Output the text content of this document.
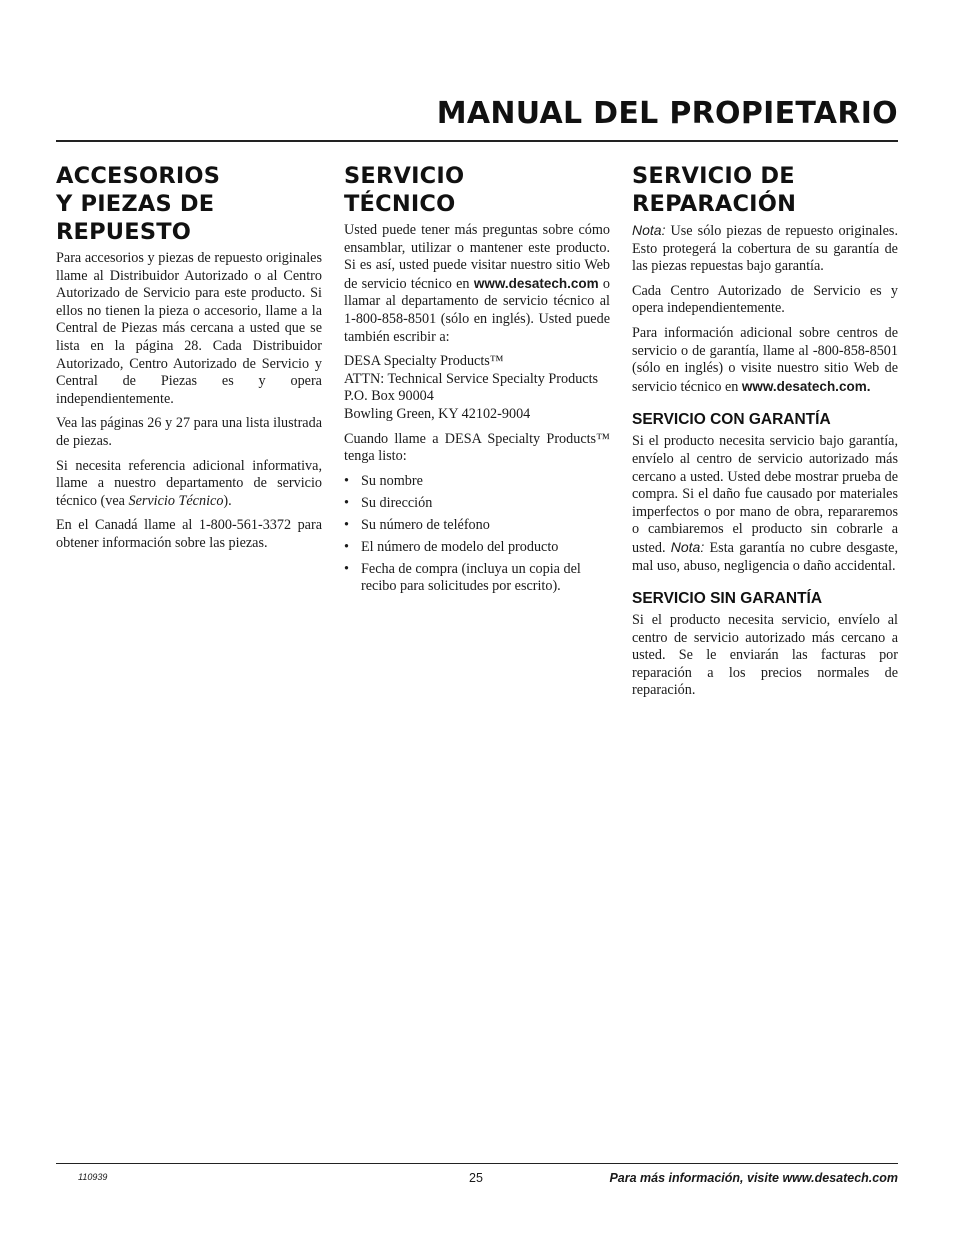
MANUAL DEL PROPIETARIO
ACCESORIOS
Y PIEZAS DE
REPUESTO

Para accesorios y piezas de repuesto originales llame al Distribuidor Autorizado o al Centro Autorizado de Servicio para este producto. Si ellos no tienen la pieza o accesorio, llame a la Central de Piezas más cercana a usted que se lista en la página 28. Cada Distribuidor Autorizado, Centro Autorizado de Servicio y Central de Piezas es y opera independientemente.

Vea las páginas 26 y 27 para una lista ilustrada de piezas.

Si necesita referencia adicional informativa, llame a nuestro departamento de servicio técnico (vea Servicio Técnico).

En el Canadá llame al 1-800-561-3372 para obtener información sobre las piezas.

SERVICIO
TÉCNICO

Usted puede tener más preguntas sobre cómo ensamblar, utilizar o mantener este producto. Si es así, usted puede visitar nuestro sitio Web de servicio técnico en www.desatech.com o llamar al departamento de servicio técnico al 1-800-858-8501 (sólo en inglés). Usted puede también escribir a:

DESA Specialty Products™
ATTN: Technical Service Specialty Products
P.O. Box 90004
Bowling Green, KY 42102-9004

Cuando llame a DESA Specialty Products™ tenga listo:

• Su nombre
• Su dirección
• Su número de teléfono
• El número de modelo del producto
• Fecha de compra (incluya un copia del recibo para solicitudes por escrito).
SERVICIO DE
REPARACIÓN

Nota: Use sólo piezas de repuesto originales. Esto protegerá la cobertura de su garantía de las piezas repuestas bajo garantía.

Cada Centro Autorizado de Servicio es y opera independientemente.

Para información adicional sobre centros de servicio o de garantía, llame al -800-858-8501 (sólo en inglés) o visite nuestro sitio Web de servicio técnico en www.desatech.com.

SERVICIO CON GARANTÍA

Si el producto necesita servicio bajo garantía, envíelo al centro de servicio autorizado más cercano a usted. Usted debe mostrar prueba de compra. Si el daño fue causado por materiales imperfectos o por mano de obra, repararemos o cambiaremos el producto sin cobrarle a usted. Nota: Esta garantía no cubre desgaste, mal uso, abuso, negligencia o daño accidental.

SERVICIO SIN GARANTÍA

Si el producto necesita servicio, envíelo al centro de servicio autorizado más cercano a usted. Se le enviarán las facturas por reparación a los precios normales de reparación.

110939	25	Para más información, visite www.desatech.com
